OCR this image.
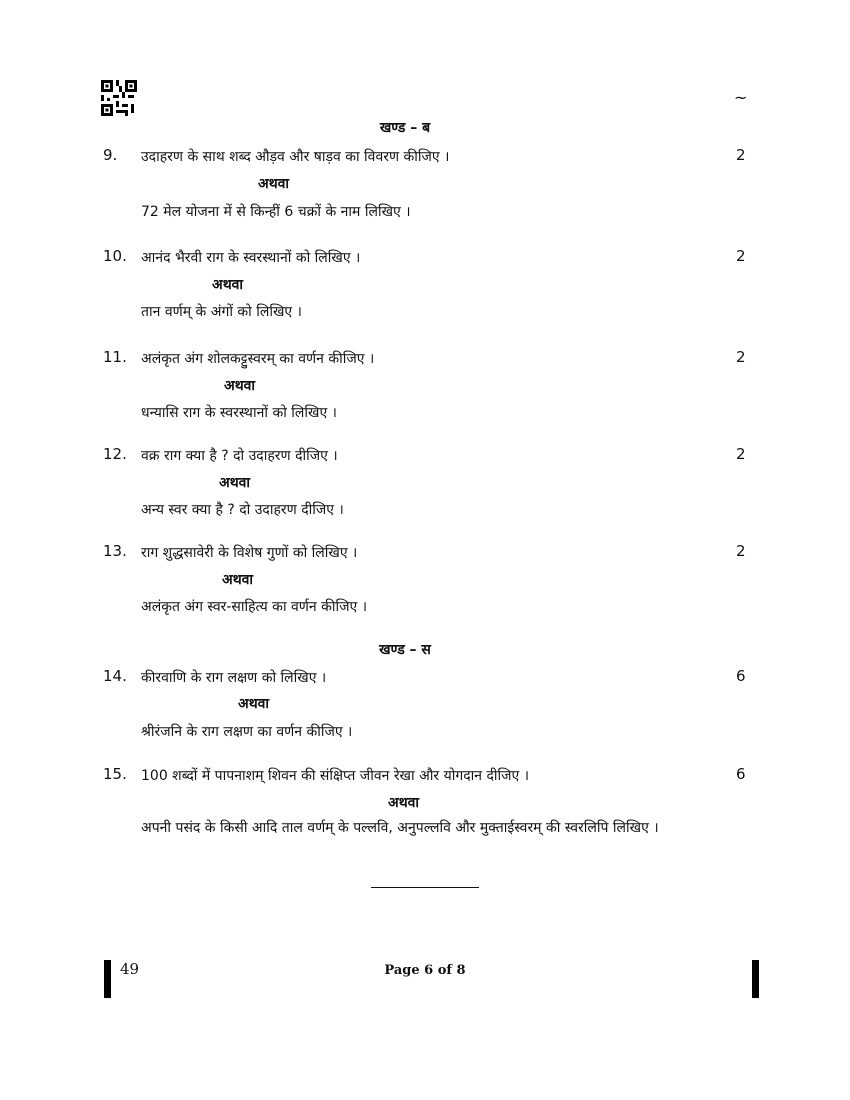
~
खण्ड – ब
9. उदाहरण के साथ शब्द औड़व और षाड़व का विवरण कीजिए ।	2
अथवा
72 मेल योजना में से किन्हीं 6 चक्रों के नाम लिखिए ।
10. आनंद भैरवी राग के स्वरस्थानों को लिखिए ।	2
अथवा
तान वर्णम् के अंगों को लिखिए ।
11. अलंकृत अंग शोलकट्टुस्वरम् का वर्णन कीजिए ।	2
अथवा
धन्यासि राग के स्वरस्थानों को लिखिए ।
12. वक्र राग क्या है ? दो उदाहरण दीजिए ।	2
अथवा
अन्य स्वर क्या है ? दो उदाहरण दीजिए ।
13. राग शुद्धसावेरी के विशेष गुणों को लिखिए ।	2
अथवा
अलंकृत अंग स्वर-साहित्य का वर्णन कीजिए ।
खण्ड – स
14. कीरवाणि के राग लक्षण को लिखिए ।	6
अथवा
श्रीरंजनि के राग लक्षण का वर्णन कीजिए ।
15. 100 शब्दों में पापनाशम् शिवन की संक्षिप्त जीवन रेखा और योगदान दीजिए ।	6
अथवा
अपनी पसंद के किसी आदि ताल वर्णम् के पल्लवि, अनुपल्लवि और मुक्ताईस्वरम् की स्वरलिपि लिखिए ।
49	Page 6 of 8
